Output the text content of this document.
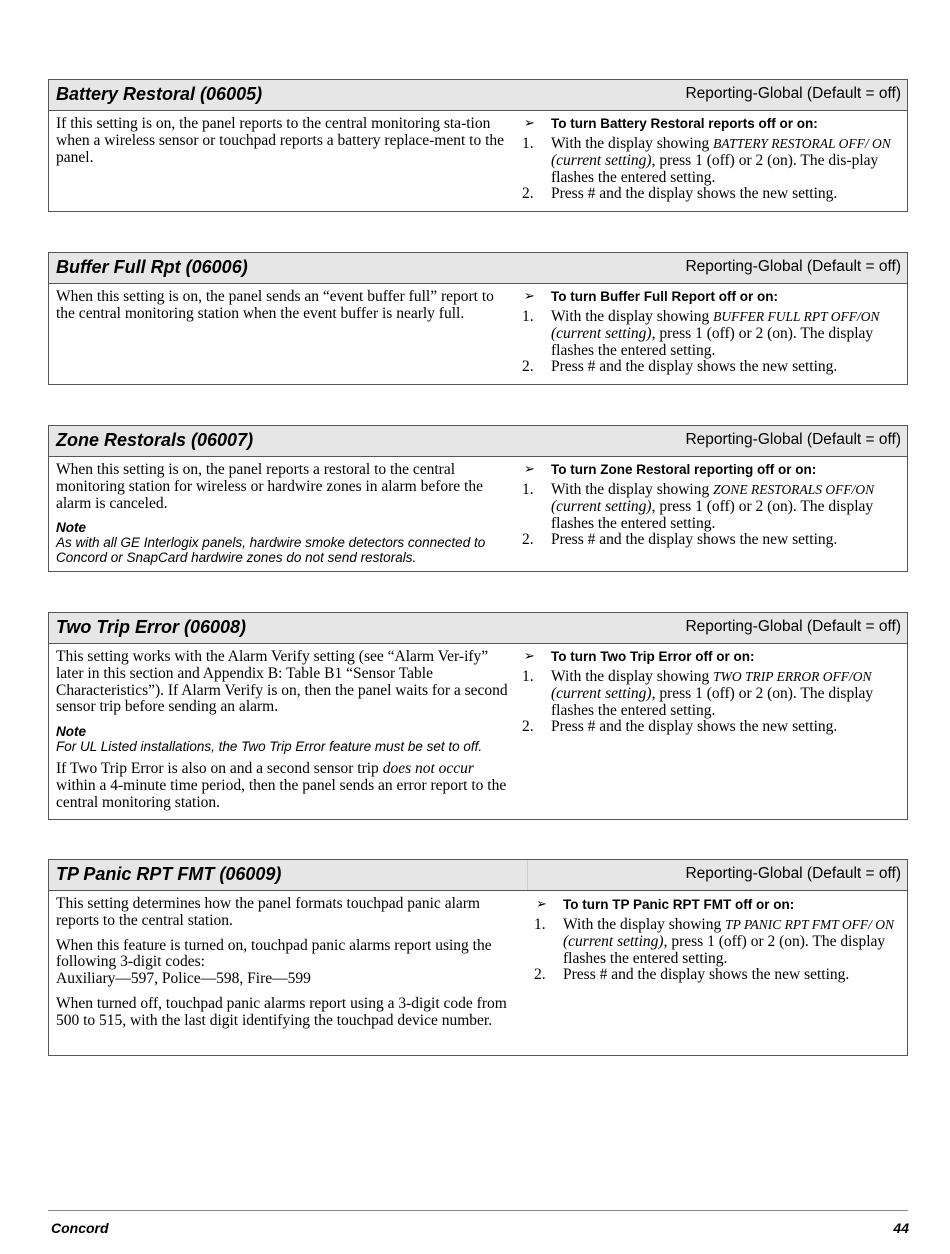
Battery Restoral (06005)	Reporting-Global (Default = off)

If this setting is on, the panel reports to the central monitoring sta-tion when a wireless sensor or touchpad reports a battery replace-ment to the panel.

➢ To turn Battery Restoral reports off or on:
1. With the display showing BATTERY RESTORAL OFF/ ON (current setting), press 1 (off) or 2 (on). The dis-play flashes the entered setting.
2. Press # and the display shows the new setting.
Buffer Full Rpt (06006)	Reporting-Global (Default = off)

When this setting is on, the panel sends an “event buffer full” report to the central monitoring station when the event buffer is nearly full.

➢ To turn Buffer Full Report off or on:
1. With the display showing BUFFER FULL RPT OFF/ON (current setting), press 1 (off) or 2 (on). The display flashes the entered setting.
2. Press # and the display shows the new setting.
Zone Restorals (06007)	Reporting-Global (Default = off)

When this setting is on, the panel reports a restoral to the central monitoring station for wireless or hardwire zones in alarm before the alarm is canceled.

Note
As with all GE Interlogix panels, hardwire smoke detectors connected to Concord or SnapCard hardwire zones do not send restorals.
➢ To turn Zone Restoral reporting off or on:
1. With the display showing ZONE RESTORALS OFF/ON (current setting), press 1 (off) or 2 (on). The display flashes the entered setting.
2. Press # and the display shows the new setting.
Two Trip Error (06008)	Reporting-Global (Default = off)

This setting works with the Alarm Verify setting (see “Alarm Ver-ify” later in this section and Appendix B: Table B1 “Sensor Table Characteristics”). If Alarm Verify is on, then the panel waits for a second sensor trip before sending an alarm.

Note
For UL Listed installations, the Two Trip Error feature must be set to off.

If Two Trip Error is also on and a second sensor trip does not occur within a 4-minute time period, then the panel sends an error report to the central monitoring station.

➢ To turn Two Trip Error off or on:
1. With the display showing TWO TRIP ERROR OFF/ON (current setting), press 1 (off) or 2 (on). The display flashes the entered setting.
2. Press # and the display shows the new setting.
TP Panic RPT FMT (06009)	Reporting-Global (Default = off)

This setting determines how the panel formats touchpad panic alarm reports to the central station.

When this feature is turned on, touchpad panic alarms report using the following 3-digit codes:

Auxiliary—597, Police—598, Fire—599

When turned off, touchpad panic alarms report using a 3-digit code from 500 to 515, with the last digit identifying the touchpad device number.

➢ To turn TP Panic RPT FMT off or on:
1. With the display showing TP PANIC RPT FMT OFF/ ON (current setting), press 1 (off) or 2 (on). The display flashes the entered setting.
2. Press # and the display shows the new setting.
Concord	44
